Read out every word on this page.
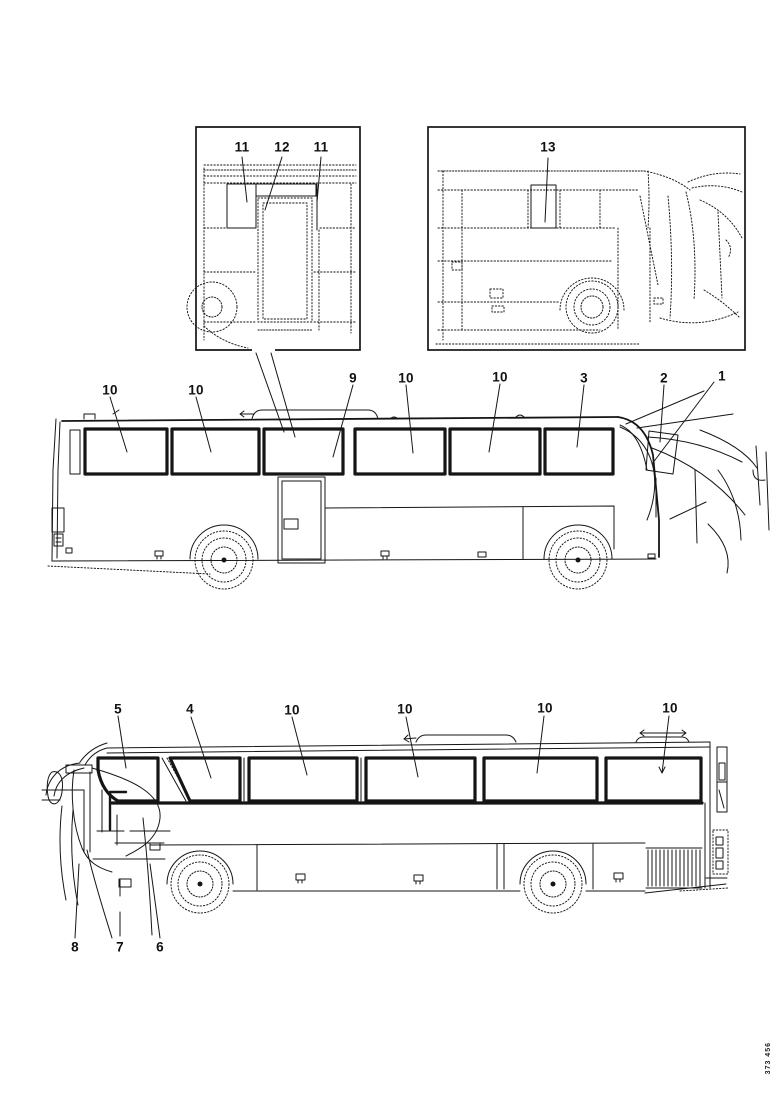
11 12 11	13
10	10
9	10	10	3	2	1
5	4	10	10	10	10
8	7 6
373 456
